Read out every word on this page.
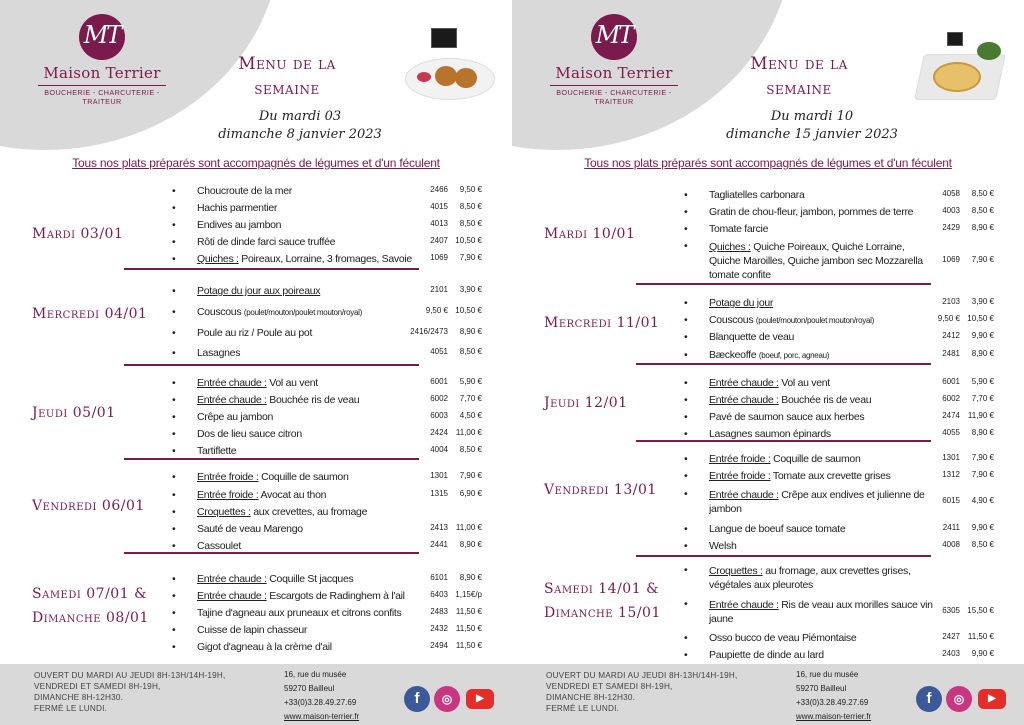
MT
Maison Terrier
BOUCHERIE - CHARCUTERIE - TRAITEUR
Menu de la
semaine
Du mardi 03
dimanche 8 janvier 2023
Tous nos plats préparés sont accompagnés de légumes et d'un féculent
Mardi 03/01
•	Choucroute de la mer	2466	9,50 €
•	Hachis parmentier	4015	8,50 €
•	Endives au jambon	4013	8,50 €
•	Rôti de dinde farci sauce truffée	2407 10,50 €
•	Quiches : Poireaux, Lorraine, 3 fromages, Savoie	1069	7,90 €
Mercredi 04/01
•	Potage du jour aux poireaux	2101	3,90 €
•	Couscous (poulet/mouton/poulet mouton/royal)	9,50 € 10,50 €
•	Poule au riz / Poule au pot	2416/2473	8,90 €
•	Lasagnes	4051	8,50 €
Jeudi 05/01
•	Entrée chaude : Vol au vent	6001	5,90 €
•	Entrée chaude : Bouchée ris de veau	6002	7,70 €
•	Crêpe au jambon	6003	4,50 €
•	Dos de lieu sauce citron	2424 11,00 €
•	Tartiflette	4004	8,50 €
Vendredi 06/01
•	Entrée froide : Coquille de saumon	1301	7,90 €
•	Entrée froide : Avocat au thon	1315	6,90 €
•	Croquettes : aux crevettes, au fromage
•	Sauté de veau Marengo	2413 11,00 €
•	Cassoulet	2441	8,90 €
Samedi 07/01 &
Dimanche 08/01
•	Entrée chaude : Coquille St jacques	6101	8,90 €
•	Entrée chaude : Escargots de Radinghem à l'ail	6403 1,15€/p
•	Tajine d'agneau aux pruneaux et citrons confits	2483 11,50 €
•	Cuisse de lapin chasseur	2432 11,50 €
•	Gigot d'agneau à la crème d'ail	2494 11,50 €
OUVERT DU MARDI AU JEUDI 8H-13H/14H-19H,
VENDREDI ET SAMEDI 8H-19H,
DIMANCHE 8H-12H30.
FERMÉ LE LUNDI.
16, rue du musée
59270 Bailleul
+33(0)3.28.49.27.69
www.maison-terrier.fr
f	◎	▶
MT
Maison Terrier
BOUCHERIE - CHARCUTERIE - TRAITEUR
Menu de la
semaine
Du mardi 10
dimanche 15 janvier 2023
Tous nos plats préparés sont accompagnés de légumes et d'un féculent
Mardi 10/01
•	Tagliatelles carbonara	4058	8,50 €
•	Gratin de chou-fleur, jambon, pommes de terre	4003	8,50 €
•	Tomate farcie	2429	8,90 €
•	Quiches : Quiche Poireaux, Quiche Lorraine, Quiche Maroilles, Quiche jambon sec Mozzarella tomate confite
1069	7,90 €
Mercredi 11/01
•	Potage du jour	2103	3,90 €
•	Couscous (poulet/mouton/poulet mouton/royal)	9,50 € 10,50 €
•	Blanquette de veau	2412	9,90 €
•	Bæckeoffe (boeuf, porc, agneau)	2481	8,90 €
Jeudi 12/01
•	Entrée chaude : Vol au vent	6001	5,90 €
•	Entrée chaude : Bouchée ris de veau	6002	7,70 €
•	Pavé de saumon sauce aux herbes	2474 11,90 €
•	Lasagnes saumon épinards	4055	8,90 €
Vendredi 13/01
•	Entrée froide : Coquille de saumon	1301	7,90 €
•	Entrée froide : Tomate aux crevette grises	1312	7,90 €
•	Entrée chaude : Crêpe aux endives et julienne de jambon
6015	4,90 €
•	Langue de boeuf sauce tomate	2411	9,90 €
•	Welsh	4008	8,50 €
Samedi 14/01 &
Dimanche 15/01
•	Croquettes : au fromage, aux crevettes grises, végétales aux pleurotes
•	Entrée chaude : Ris de veau aux morilles sauce vin jaune
6305 15,50 €
•	Osso bucco de veau Piémontaise	2427 11,50 €
•	Paupiette de dinde au lard	2403	9,90 €
OUVERT DU MARDI AU JEUDI 8H-13H/14H-19H,
VENDREDI ET SAMEDI 8H-19H,
DIMANCHE 8H-12H30.
FERMÉ LE LUNDI.
16, rue du musée
59270 Bailleul
+33(0)3.28.49.27.69
www.maison-terrier.fr
f	◎	▶
